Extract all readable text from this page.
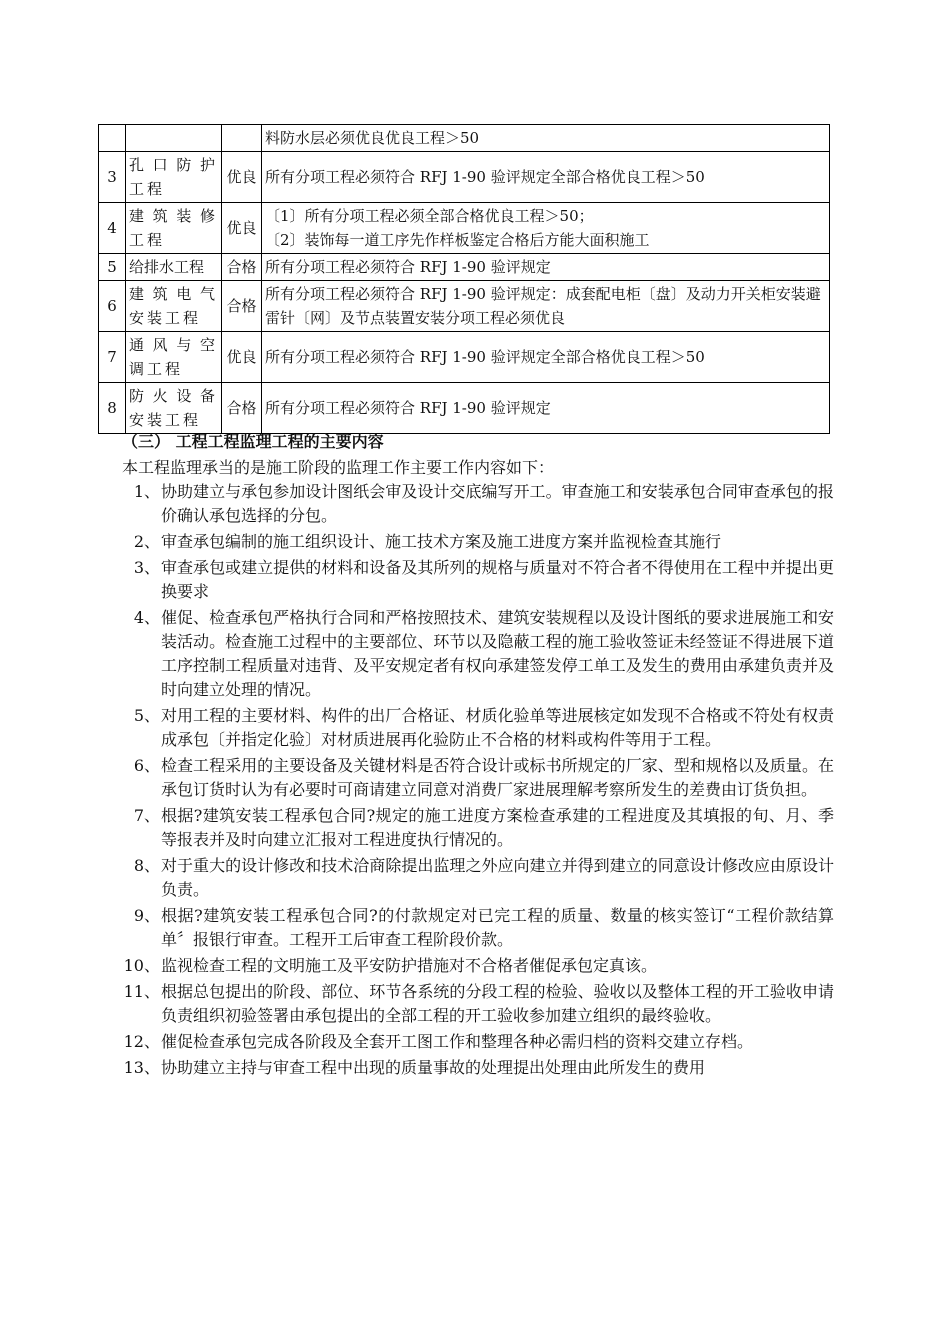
			料防水层必须优良优良工程＞50
3	孔口防护工程	优良	所有分项工程必须符合 RFJ 1-90 验评规定全部合格优良工程＞50
4	建筑装修工程	优良	〔1〕所有分项工程必须全部合格优良工程＞50；
〔2〕装饰每一道工序先作样板鉴定合格后方能大面积施工
5	给排水工程	合格	所有分项工程必须符合 RFJ 1-90 验评规定
6	建筑电气安装工程	合格	所有分项工程必须符合 RFJ 1-90 验评规定：成套配电柜〔盘〕及动力开关柜安装避雷针〔网〕及节点装置安装分项工程必须优良
7	通风与空调工程	优良	所有分项工程必须符合 RFJ 1-90 验评规定全部合格优良工程＞50
8	防火设备安装工程	合格	所有分项工程必须符合 RFJ 1-90 验评规定
（三） 工程工程监理工程的主要内容
本工程监理承当的是施工阶段的监理工作主要工作内容如下：
1、 协助建立与承包参加设计图纸会审及设计交底编写开工。审查施工和安装承包合同审查承包的报价确认承包选择的分包。
2、 审查承包编制的施工组织设计、施工技术方案及施工进度方案并监视检查其施行
3、 审查承包或建立提供的材料和设备及其所列的规格与质量对不符合者不得使用在工程中并提出更换要求
4、 催促、检查承包严格执行合同和严格按照技术、建筑安装规程以及设计图纸的要求进展施工和安装活动。检查施工过程中的主要部位、环节以及隐蔽工程的施工验收签证未经签证不得进展下道工序控制工程质量对违背、及平安规定者有权向承建签发停工单工及发生的费用由承建负责并及时向建立处理的情况。
5、 对用工程的主要材料、构件的出厂合格证、材质化验单等进展核定如发现不合格或不符处有权责成承包〔并指定化验〕对材质进展再化验防止不合格的材料或构件等用于工程。
6、 检查工程采用的主要设备及关键材料是否符合设计或标书所规定的厂家、型和规格以及质量。在承包订货时认为有必要时可商请建立同意对消费厂家进展理解考察所发生的差费由订货负担。
7、 根据?建筑安装工程承包合同?规定的施工进度方案检查承建的工程进度及其填报的旬、月、季等报表并及时向建立汇报对工程进度执行情况的。
8、 对于重大的设计修改和技术洽商除提出监理之外应向建立并得到建立的同意设计修改应由原设计负责。
9、 根据?建筑安装工程承包合同?的付款规定对已完工程的质量、数量的核实签订“工程价款结算单〞报银行审查。工程开工后审查工程阶段价款。
10、 监视检查工程的文明施工及平安防护措施对不合格者催促承包定真该。
11、 根据总包提出的阶段、部位、环节各系统的分段工程的检验、验收以及整体工程的开工验收申请负责组织初验签署由承包提出的全部工程的开工验收参加建立组织的最终验收。
12、 催促检查承包完成各阶段及全套开工图工作和整理各种必需归档的资料交建立存档。
13、 协助建立主持与审查工程中出现的质量事故的处理提出处理由此所发生的费用
